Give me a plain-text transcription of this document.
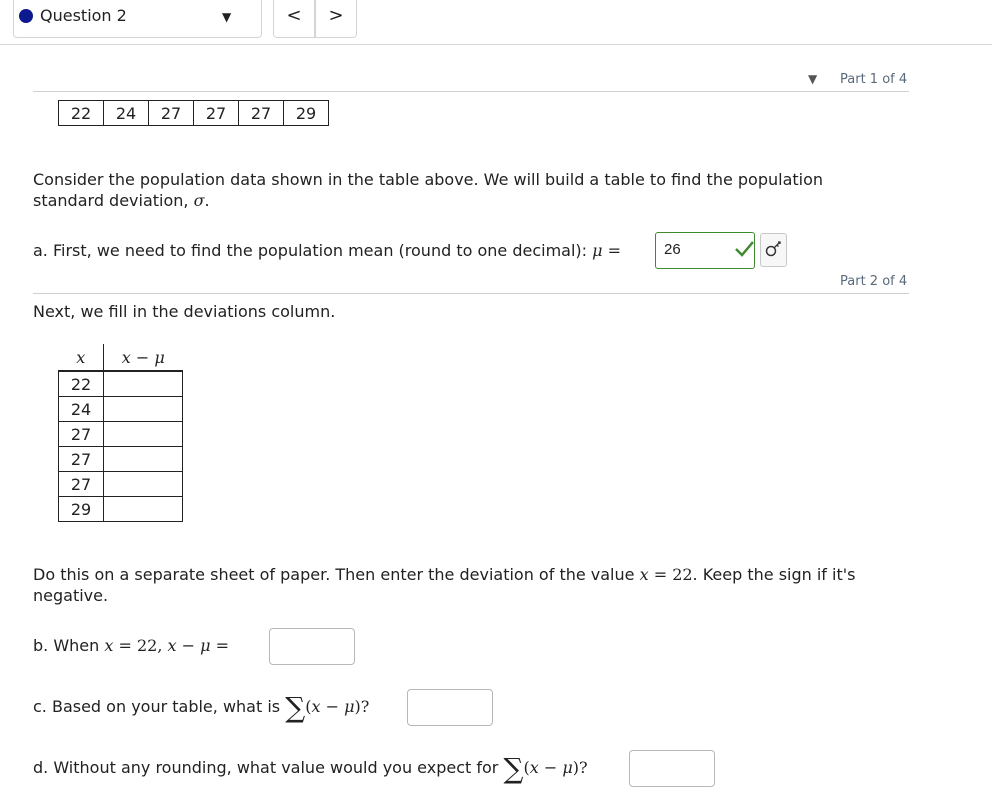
Question 2	▼	<	>
▼ Part 1 of 4
22	24	27	27	27	29
Consider the population data shown in the table above. We will build a table to find the population
standard deviation, σ.
a. First, we need to find the population mean (round to one decimal): μ =	26
Part 2 of 4
Next, we fill in the deviations column.
x	x − μ
22	
24	
27	
27	
27	
29	
Do this on a separate sheet of paper. Then enter the deviation of the value x = 22. Keep the sign if it's
negative.
b. When x = 22, x − μ =
c. Based on your table, what is ∑(x − μ)?
d. Without any rounding, what value would you expect for ∑(x − μ)?
